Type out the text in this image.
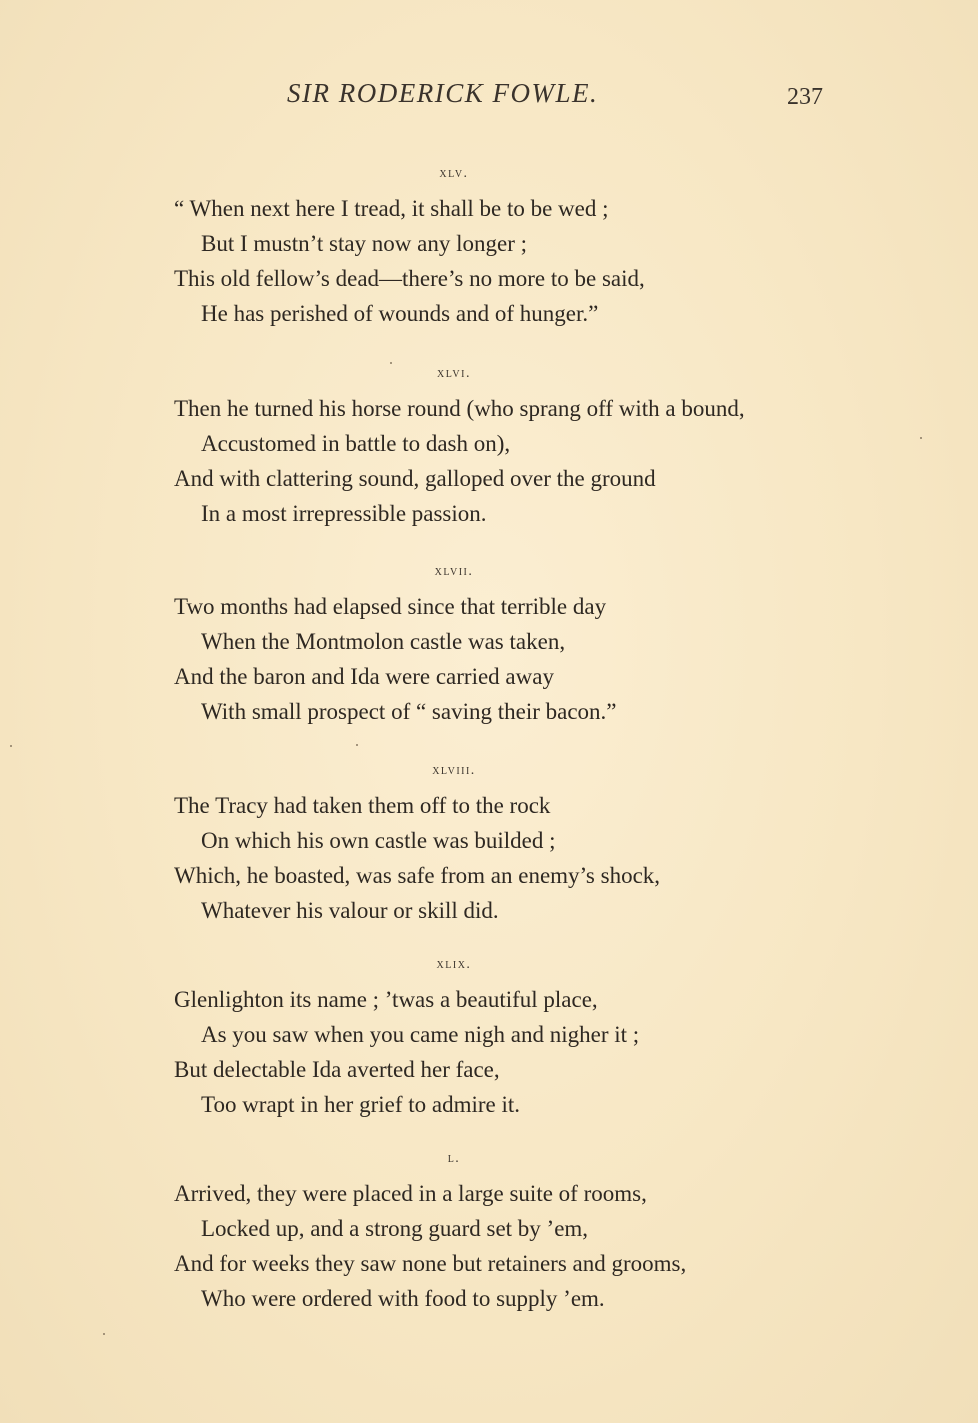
SIR RODERICK FOWLE.	237
xlv.
“ When next here I tread, it shall be to be wed ;
But I mustn’t stay now any longer ;
This old fellow’s dead—there’s no more to be said,
He has perished of wounds and of hunger.”
xlvi.
Then he turned his horse round (who sprang off with a bound,
Accustomed in battle to dash on),
And with clattering sound, galloped over the ground
In a most irrepressible passion.
xlvii.
Two months had elapsed since that terrible day
When the Montmolon castle was taken,
And the baron and Ida were carried away
With small prospect of “ saving their bacon.”
xlviii.
The Tracy had taken them off to the rock
On which his own castle was builded ;
Which, he boasted, was safe from an enemy’s shock,
Whatever his valour or skill did.
xlix.
Glenlighton its name ; ’twas a beautiful place,
As you saw when you came nigh and nigher it ;
But delectable Ida averted her face,
Too wrapt in her grief to admire it.
l.
Arrived, they were placed in a large suite of rooms,
Locked up, and a strong guard set by ’em,
And for weeks they saw none but retainers and grooms,
Who were ordered with food to supply ’em.
